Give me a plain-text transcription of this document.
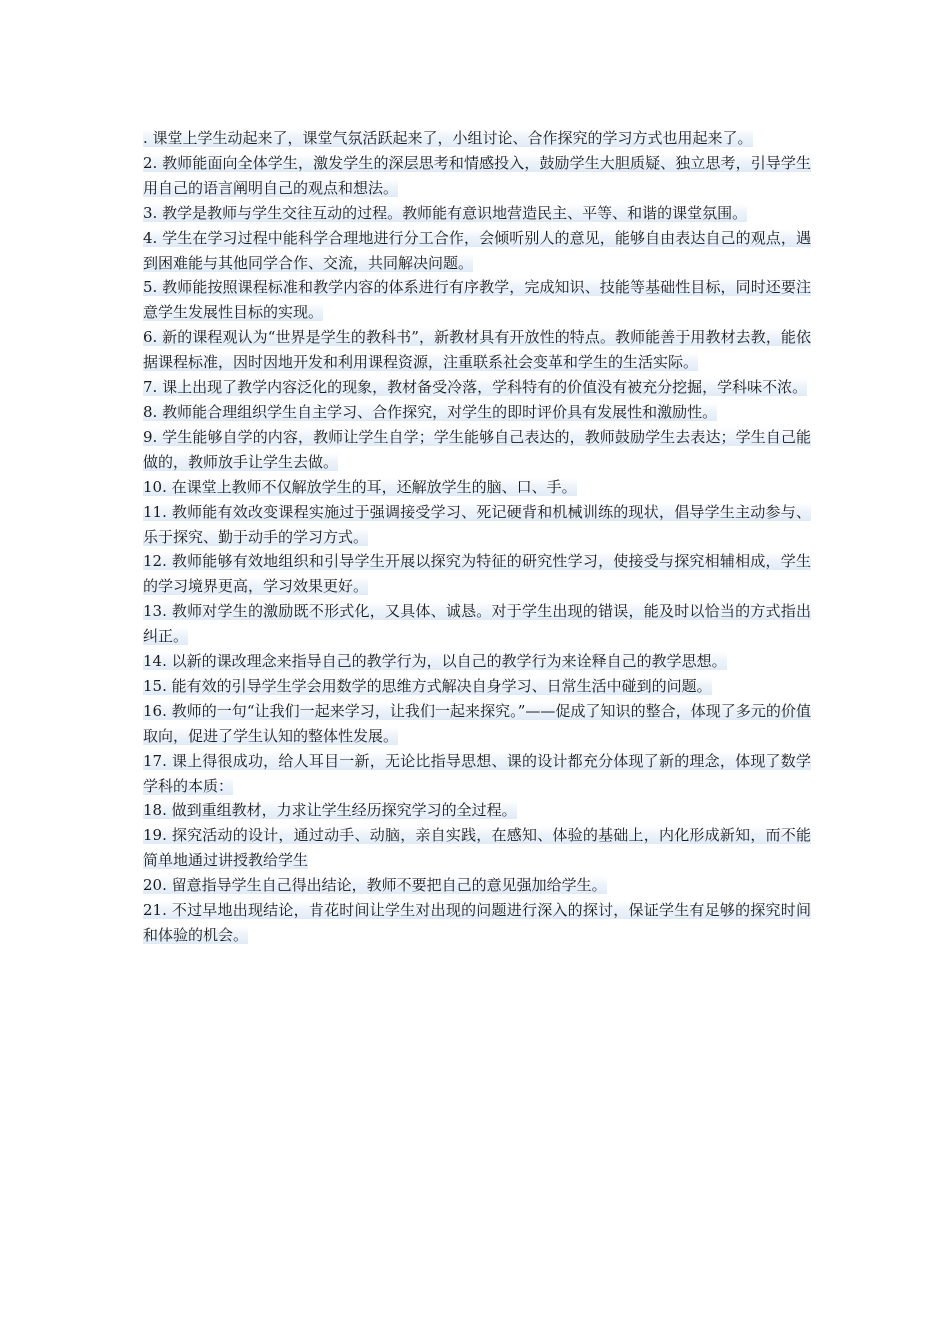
. 课堂上学生动起来了，课堂气氛活跃起来了，小组讨论、合作探究的学习方式也用起来了。

2. 教师能面向全体学生，激发学生的深层思考和情感投入，鼓励学生大胆质疑、独立思考，引导学生用自己的语言阐明自己的观点和想法。

3. 教学是教师与学生交往互动的过程。教师能有意识地营造民主、平等、和谐的课堂氛围。

4. 学生在学习过程中能科学合理地进行分工合作，会倾听别人的意见，能够自由表达自己的观点，遇到困难能与其他同学合作、交流，共同解决问题。

5. 教师能按照课程标准和教学内容的体系进行有序教学，完成知识、技能等基础性目标，同时还要注意学生发展性目标的实现。

6. 新的课程观认为“世界是学生的教科书”，新教材具有开放性的特点。教师能善于用教材去教，能依据课程标准，因时因地开发和利用课程资源，注重联系社会变革和学生的生活实际。

7. 课上出现了教学内容泛化的现象，教材备受冷落，学科特有的价值没有被充分挖掘，学科味不浓。

8. 教师能合理组织学生自主学习、合作探究，对学生的即时评价具有发展性和激励性。

9. 学生能够自学的内容，教师让学生自学；学生能够自己表达的，教师鼓励学生去表达；学生自己能做的，教师放手让学生去做。

10. 在课堂上教师不仅解放学生的耳，还解放学生的脑、口、手。

11. 教师能有效改变课程实施过于强调接受学习、死记硬背和机械训练的现状，倡导学生主动参与、乐于探究、勤于动手的学习方式。

12. 教师能够有效地组织和引导学生开展以探究为特征的研究性学习，使接受与探究相辅相成，学生的学习境界更高，学习效果更好。

13. 教师对学生的激励既不形式化，又具体、诚恳。对于学生出现的错误，能及时以恰当的方式指出纠正。

14. 以新的课改理念来指导自己的教学行为，以自己的教学行为来诠释自己的教学思想。

15. 能有效的引导学生学会用数学的思维方式解决自身学习、日常生活中碰到的问题。

16. 教师的一句“让我们一起来学习，让我们一起来探究。”——促成了知识的整合，体现了多元的价值取向，促进了学生认知的整体性发展。

17. 课上得很成功，给人耳目一新，无论比指导思想、课的设计都充分体现了新的理念，体现了数学学科的本质：

18. 做到重组教材，力求让学生经历探究学习的全过程。

19. 探究活动的设计，通过动手、动脑，亲自实践，在感知、体验的基础上，内化形成新知，而不能简单地通过讲授教给学生

20. 留意指导学生自己得出结论，教师不要把自己的意见强加给学生。

21. 不过早地出现结论，肯花时间让学生对出现的问题进行深入的探讨，保证学生有足够的探究时间和体验的机会。
